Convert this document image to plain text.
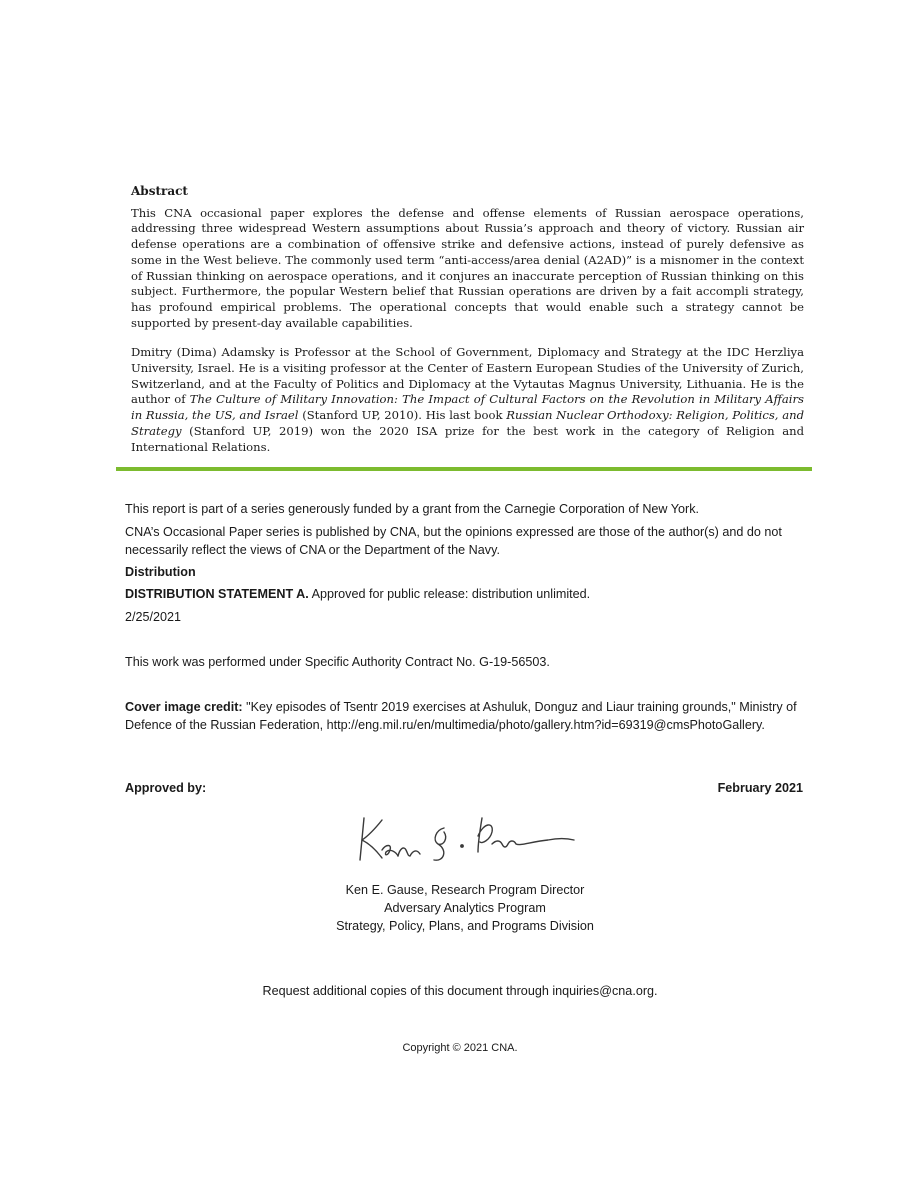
Abstract

This CNA occasional paper explores the defense and offense elements of Russian aerospace operations, addressing three widespread Western assumptions about Russia’s approach and theory of victory. Russian air defense operations are a combination of offensive strike and defensive actions, instead of purely defensive as some in the West believe. The commonly used term “anti-access/area denial (A2AD)” is a misnomer in the context of Russian thinking on aerospace operations, and it conjures an inaccurate perception of Russian thinking on this subject. Furthermore, the popular Western belief that Russian operations are driven by a fait accompli strategy, has profound empirical problems. The operational concepts that would enable such a strategy cannot be supported by present-day available capabilities.

Dmitry (Dima) Adamsky is Professor at the School of Government, Diplomacy and Strategy at the IDC Herzliya University, Israel. He is a visiting professor at the Center of Eastern European Studies of the University of Zurich, Switzerland, and at the Faculty of Politics and Diplomacy at the Vytautas Magnus University, Lithuania. He is the author of The Culture of Military Innovation: The Impact of Cultural Factors on the Revolution in Military Affairs in Russia, the US, and Israel (Stanford UP, 2010). His last book Russian Nuclear Orthodoxy: Religion, Politics, and Strategy (Stanford UP, 2019) won the 2020 ISA prize for the best work in the category of Religion and International Relations.

This report is part of a series generously funded by a grant from the Carnegie Corporation of New York.

CNA’s Occasional Paper series is published by CNA, but the opinions expressed are those of the author(s) and do not necessarily reflect the views of CNA or the Department of the Navy.

Distribution

DISTRIBUTION STATEMENT A. Approved for public release: distribution unlimited.

2/25/2021

This work was performed under Specific Authority Contract No. G-19-56503.

Cover image credit: "Key episodes of Tsentr 2019 exercises at Ashuluk, Donguz and Liaur training grounds," Ministry of Defence of the Russian Federation, http://eng.mil.ru/en/multimedia/photo/gallery.htm?id=69319@cmsPhotoGallery.

Approved by:	February 2021

Ken E. Gause, Research Program Director

Adversary Analytics Program

Strategy, Policy, Plans, and Programs Division

Request additional copies of this document through inquiries@cna.org.
Copyright © 2021 CNA.
